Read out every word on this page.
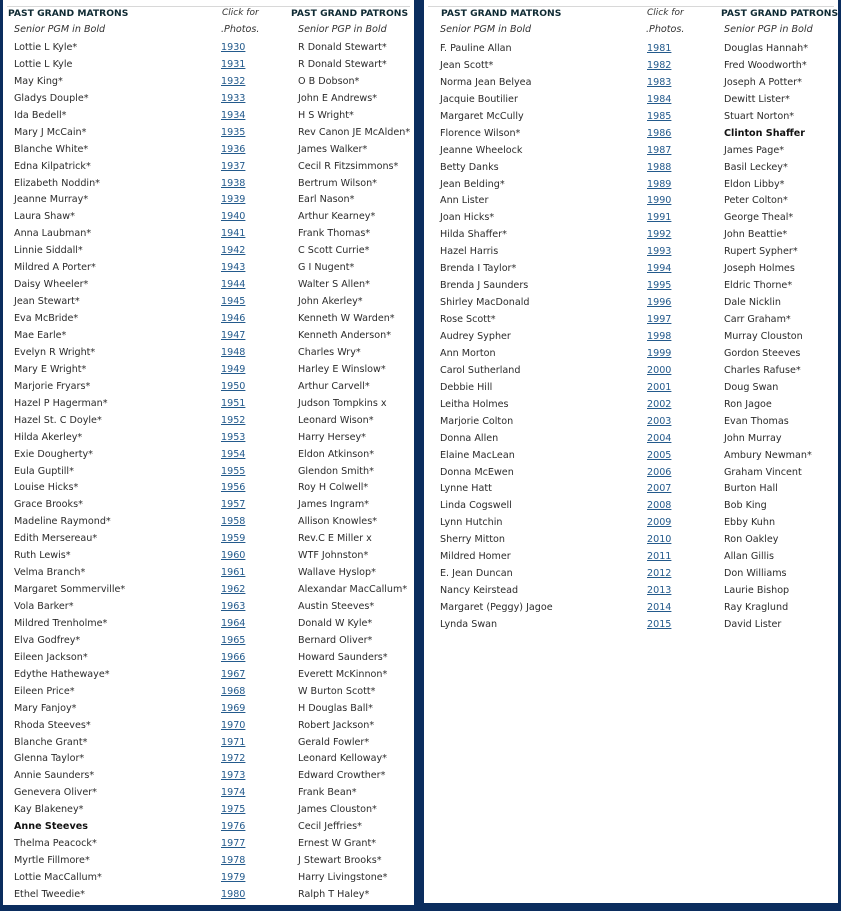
PAST GRAND MATRONS	Click for	PAST GRAND PATRONS
Senior PGM in Bold	.Photos.	Senior PGP in Bold
Lottie L Kyle*	1930	R Donald Stewart*
Lottie L Kyle	1931	R Donald Stewart*
May King*	1932	O B Dobson*
Gladys Douple*	1933	John E Andrews*
Ida Bedell*	1934	H S Wright*
Mary J McCain*	1935	Rev Canon JE McAlden*
Blanche White*	1936	James Walker*
Edna Kilpatrick*	1937	Cecil R Fitzsimmons*
Elizabeth Noddin*	1938	Bertrum Wilson*
Jeanne Murray*	1939	Earl Nason*
Laura Shaw*	1940	Arthur Kearney*
Anna Laubman*	1941	Frank Thomas*
Linnie Siddall*	1942	C Scott Currie*
Mildred A Porter*	1943	G I Nugent*
Daisy Wheeler*	1944	Walter S Allen*
Jean Stewart*	1945	John Akerley*
Eva McBride*	1946	Kenneth W Warden*
Mae Earle*	1947	Kenneth Anderson*
Evelyn R Wright*	1948	Charles Wry*
Mary E Wright*	1949	Harley E Winslow*
Marjorie Fryars*	1950	Arthur Carvell*
Hazel P Hagerman*	1951	Judson Tompkins x
Hazel St. C Doyle*	1952	Leonard Wison*
Hilda Akerley*	1953	Harry Hersey*
Exie Dougherty*	1954	Eldon Atkinson*
Eula Guptill*	1955	Glendon Smith*
Louise Hicks*	1956	Roy H Colwell*
Grace Brooks*	1957	James Ingram*
Madeline Raymond*	1958	Allison Knowles*
Edith Mersereau*	1959	Rev.C E Miller x
Ruth Lewis*	1960	WTF Johnston*
Velma Branch*	1961	Wallave Hyslop*
Margaret Sommerville*	1962	Alexandar MacCallum*
Vola Barker*	1963	Austin Steeves*
Mildred Trenholme*	1964	Donald W Kyle*
Elva Godfrey*	1965	Bernard Oliver*
Eileen Jackson*	1966	Howard Saunders*
Edythe Hathewaye*	1967	Everett McKinnon*
Eileen Price*	1968	W Burton Scott*
Mary Fanjoy*	1969	H Douglas Ball*
Rhoda Steeves*	1970	Robert Jackson*
Blanche Grant*	1971	Gerald Fowler*
Glenna Taylor*	1972	Leonard Kelloway*
Annie Saunders*	1973	Edward Crowther*
Genevera Oliver*	1974	Frank Bean*
Kay Blakeney*	1975	James Clouston*
Anne Steeves	1976	Cecil Jeffries*
Thelma Peacock*	1977	Ernest W Grant*
Myrtle Fillmore*	1978	J Stewart Brooks*
Lottie MacCallum*	1979	Harry Livingstone*
Ethel Tweedie*	1980	Ralph T Haley*
PAST GRAND MATRONS	Click for	PAST GRAND PATRONS
Senior PGM in Bold	.Photos.	Senior PGP in Bold
F. Pauline Allan	1981	Douglas Hannah*
Jean Scott*	1982	Fred Woodworth*
Norma Jean Belyea	1983	Joseph A Potter*
Jacquie Boutilier	1984	Dewitt Lister*
Margaret McCully	1985	Stuart Norton*
Florence Wilson*	1986	Clinton Shaffer
Jeanne Wheelock	1987	James Page*
Betty Danks	1988	Basil Leckey*
Jean Belding*	1989	Eldon Libby*
Ann Lister	1990	Peter Colton*
Joan Hicks*	1991	George Theal*
Hilda Shaffer*	1992	John Beattie*
Hazel Harris	1993	Rupert Sypher*
Brenda I Taylor*	1994	Joseph Holmes
Brenda J Saunders	1995	Eldric Thorne*
Shirley MacDonald	1996	Dale Nicklin
Rose Scott*	1997	Carr Graham*
Audrey Sypher	1998	Murray Clouston
Ann Morton	1999	Gordon Steeves
Carol Sutherland	2000	Charles Rafuse*
Debbie Hill	2001	Doug Swan
Leitha Holmes	2002	Ron Jagoe
Marjorie Colton	2003	Evan Thomas
Donna Allen	2004	John Murray
Elaine MacLean	2005	Ambury Newman*
Donna McEwen	2006	Graham Vincent
Lynne Hatt	2007	Burton Hall
Linda Cogswell	2008	Bob King
Lynn Hutchin	2009	Ebby Kuhn
Sherry Mitton	2010	Ron Oakley
Mildred Homer	2011	Allan Gillis
E. Jean Duncan	2012	Don Williams
Nancy Keirstead	2013	Laurie Bishop
Margaret (Peggy) Jagoe	2014	Ray Kraglund
Lynda Swan	2015	David Lister
